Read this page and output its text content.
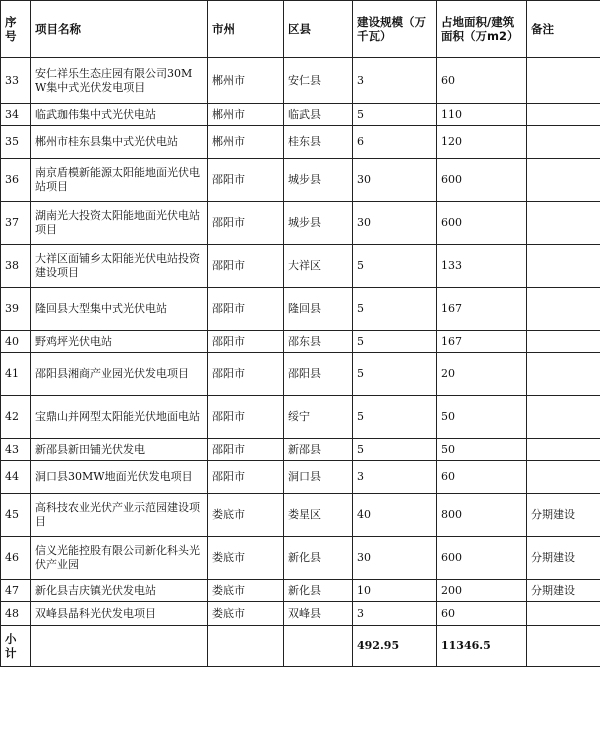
序号	项目名称	市州	区县	建设规模（万千瓦）	占地面积/建筑面积（万m2）	备注
33	安仁祥乐生态庄园有限公司30MW集中式光伏发电项目	郴州市	安仁县	3	60	
34	临武珈伟集中式光伏电站	郴州市	临武县	5	110	
35	郴州市桂东县集中式光伏电站	郴州市	桂东县	6	120	
36	南京盾模新能源太阳能地面光伏电站项目	邵阳市	城步县	30	600	
37	湖南光大投资太阳能地面光伏电站项目	邵阳市	城步县	30	600	
38	大祥区面铺乡太阳能光伏电站投资建设项目	邵阳市	大祥区	5	133	
39	隆回县大型集中式光伏电站	邵阳市	隆回县	5	167	
40	野鸡坪光伏电站	邵阳市	邵东县	5	167	
41	邵阳县湘商产业园光伏发电项目	邵阳市	邵阳县	5	20	
42	宝鼎山并网型太阳能光伏地面电站	邵阳市	绥宁	5	50	
43	新邵县新田铺光伏发电	邵阳市	新邵县	5	50	
44	洞口县30MW地面光伏发电项目	邵阳市	洞口县	3	60	
45	高科技农业光伏产业示范园建设项目	娄底市	娄星区	40	800	分期建设
46	信义光能控股有限公司新化科头光伏产业园	娄底市	新化县	30	600	分期建设
47	新化县吉庆镇光伏发电站	娄底市	新化县	10	200	分期建设
48	双峰县晶科光伏发电项目	娄底市	双峰县	3	60	
小计				492.95	11346.5	
